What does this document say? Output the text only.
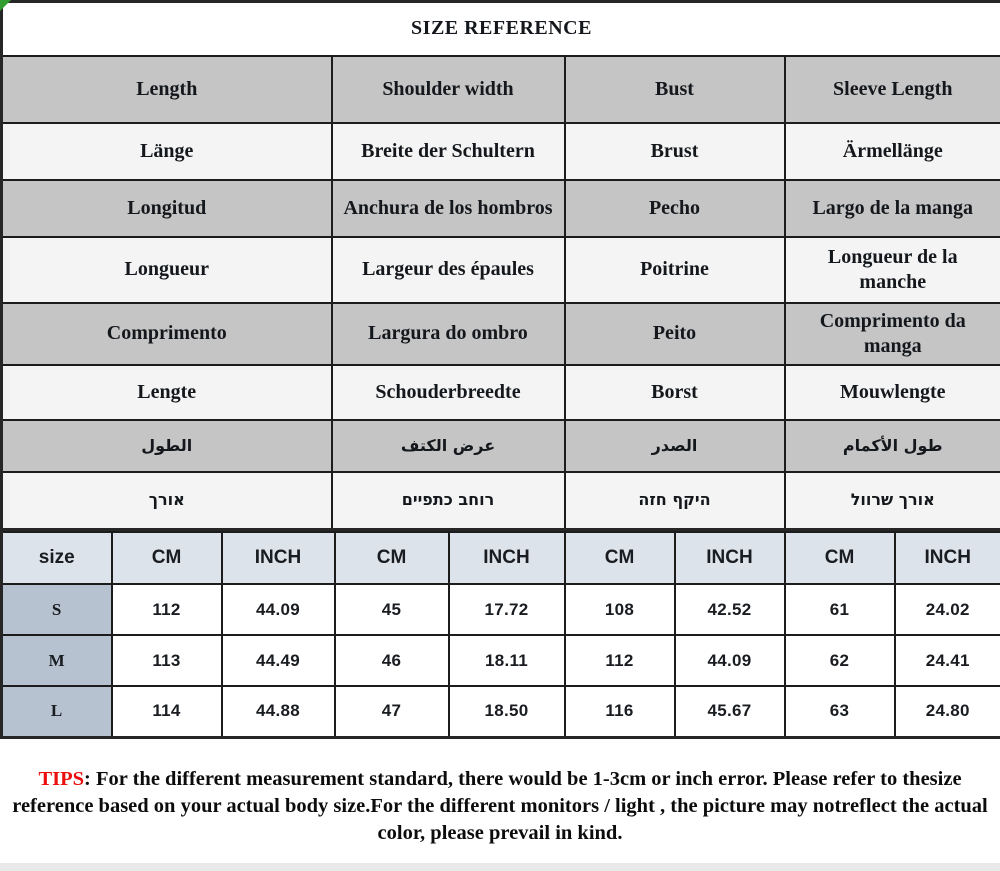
SIZE REFERENCE			
Length	Shoulder width	Bust	Sleeve Length
Länge	Breite der Schultern	Brust	Ärmellänge
Longitud	Anchura de los hombros	Pecho	Largo de la manga
Longueur	Largeur des épaules	Poitrine	Longueur de la manche
Comprimento	Largura do ombro	Peito	Comprimento da manga
Lengte	Schouderbreedte	Borst	Mouwlengte
الطول	عرض الكتف	الصدر	طول الأكمام
אורך	רוחב כתפיים	היקף חזה	אורך שרוול
size	CM	INCH	CM	INCH	CM	INCH	CM	INCH
S	112	44.09	45	17.72	108	42.52	61	24.02
M	113	44.49	46	18.11	112	44.09	62	24.41
L	114	44.88	47	18.50	116	45.67	63	24.80
TIPS: For the different measurement standard, there would be 1-3cm or inch error. Please refer to thesize reference based on your actual body size.For the different monitors / light , the picture may notreflect the actual color, please prevail in kind.
